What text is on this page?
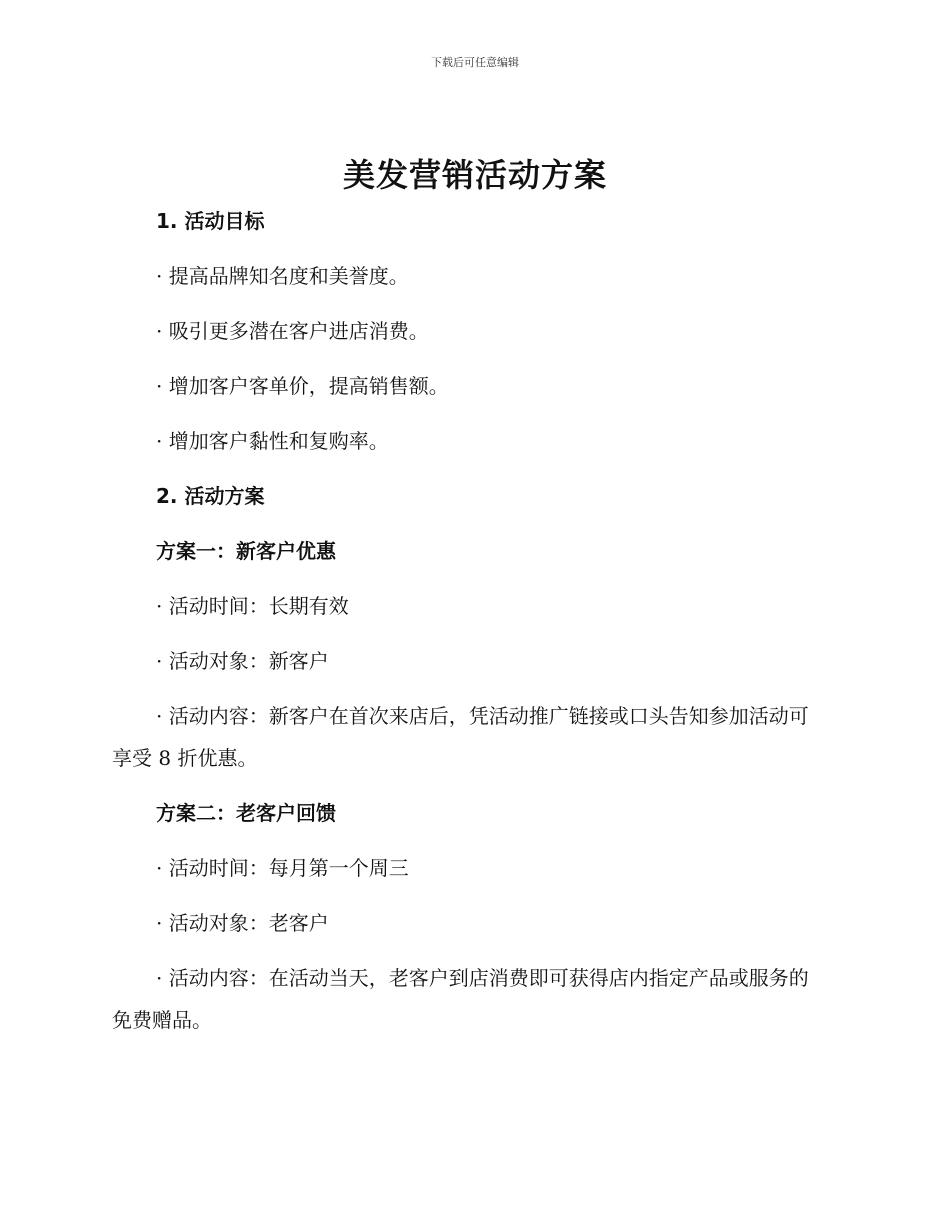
下载后可任意编辑
美发营销活动方案

1. 活动目标

· 提高品牌知名度和美誉度。

· 吸引更多潜在客户进店消费。

· 增加客户客单价，提高销售额。

· 增加客户黏性和复购率。

2. 活动方案

方案一：新客户优惠

· 活动时间：长期有效

· 活动对象：新客户

· 活动内容：新客户在首次来店后，凭活动推广链接或口头告知参加活动可享受 8 折优惠。

方案二：老客户回馈

· 活动时间：每月第一个周三

· 活动对象：老客户

· 活动内容：在活动当天，老客户到店消费即可获得店内指定产品或服务的免费赠品。
